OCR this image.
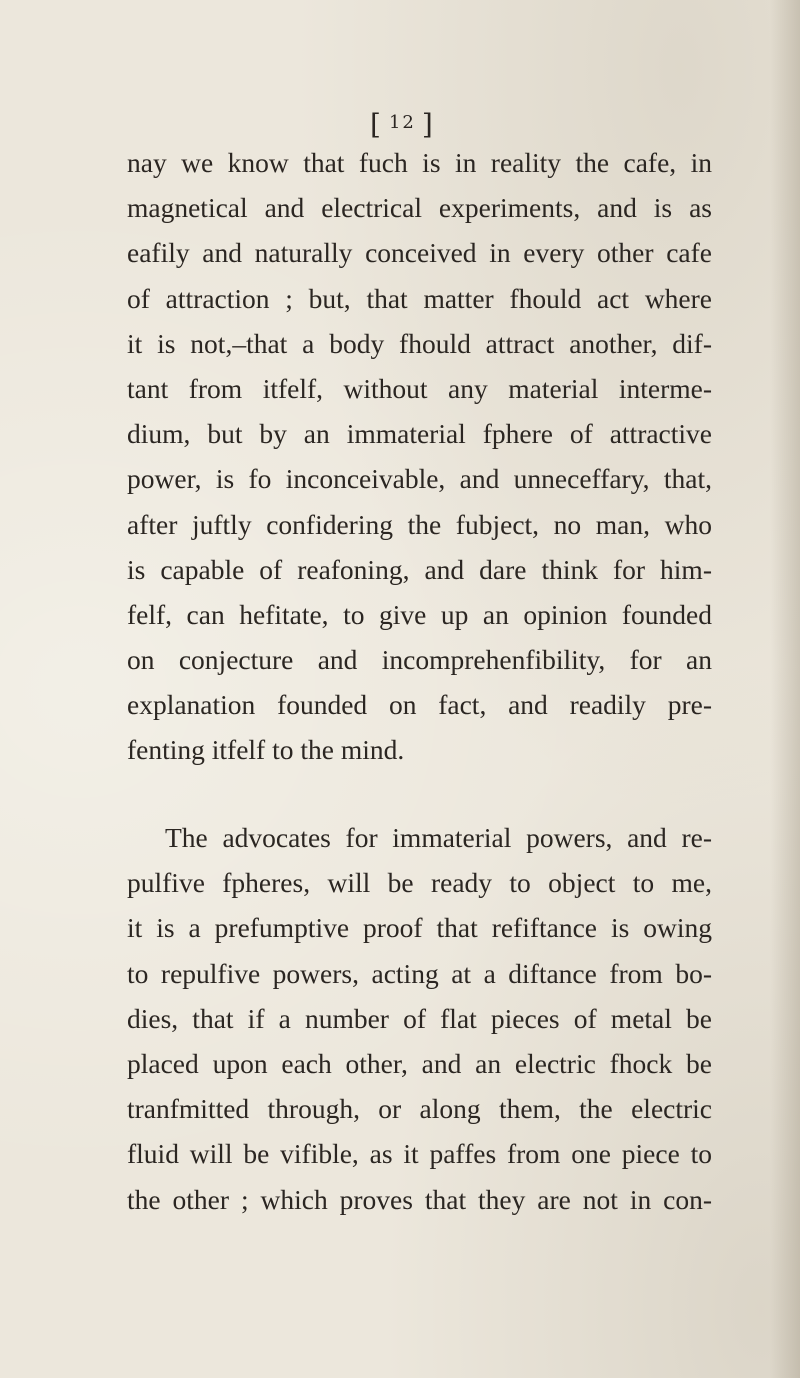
[ $^{12}$ ]
nay we know that fuch is in reality the cafe, in
magnetical and electrical experiments, and is as
eafily and naturally conceived in every other cafe
of attraction ; but, that matter fhould act where
it is not,–that a body fhould attract another, dif-
tant from itfelf, without any material interme-
dium, but by an immaterial fphere of attractive
power, is fo inconceivable, and unneceffary, that,
after juftly confidering the fubject, no man, who
is capable of reafoning, and dare think for him-
felf, can hefitate, to give up an opinion founded
on conjecture and incomprehenfibility, for an
explanation founded on fact, and readily pre-
fenting itfelf to the mind.
The advocates for immaterial powers, and re-
pulfive fpheres, will be ready to object to me,
it is a prefumptive proof that refiftance is owing
to repulfive powers, acting at a diftance from bo-
dies, that if a number of flat pieces of metal be
placed upon each other, and an electric fhock be
tranfmitted through, or along them, the electric
fluid will be vifible, as it paffes from one piece to
the other ; which proves that they are not in con-
